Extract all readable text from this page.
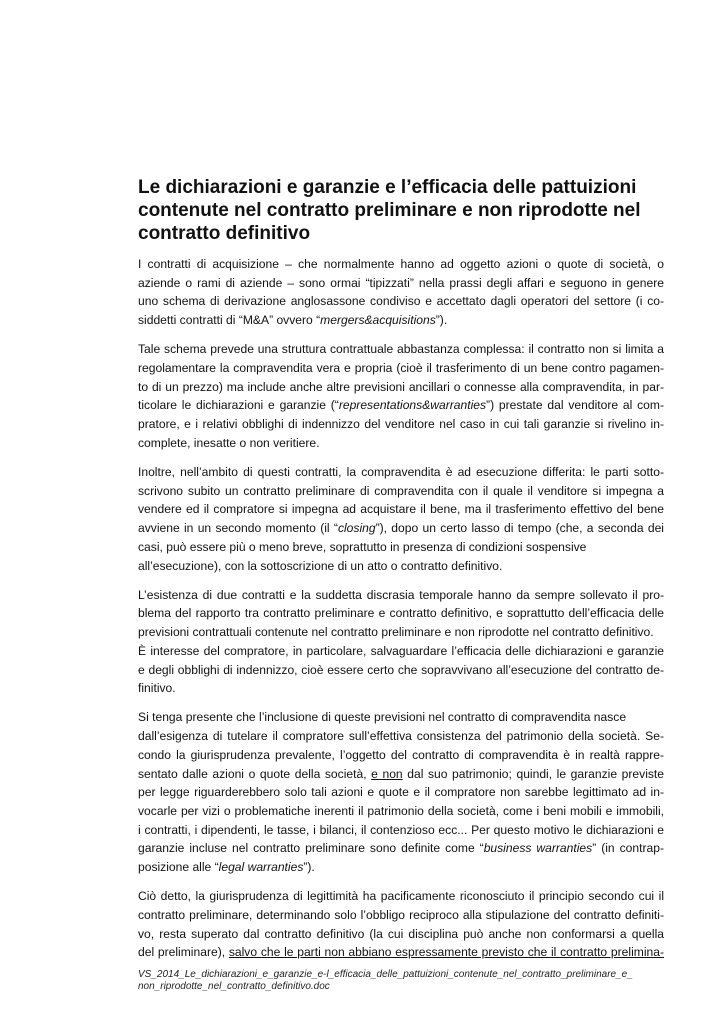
Le dichiarazioni e garanzie e l’efficacia delle pattuizioni
contenute nel contratto preliminare e non riprodotte nel
contratto definitivo
I contratti di acquisizione – che normalmente hanno ad oggetto azioni o quote di società, o
aziende o rami di aziende – sono ormai “tipizzati” nella prassi degli affari e seguono in genere
uno schema di derivazione anglosassone condiviso e accettato dagli operatori del settore (i co-
siddetti contratti di “M&A” ovvero “mergers&acquisitions”).
Tale schema prevede una struttura contrattuale abbastanza complessa: il contratto non si limita a
regolamentare la compravendita vera e propria (cioè il trasferimento di un bene contro pagamen-
to di un prezzo) ma include anche altre previsioni ancillari o connesse alla compravendita, in par-
ticolare le dichiarazioni e garanzie (“representations&warranties”) prestate dal venditore al com-
pratore, e i relativi obblighi di indennizzo del venditore nel caso in cui tali garanzie si rivelino in-
complete, inesatte o non veritiere.
Inoltre, nell’ambito di questi contratti, la compravendita è ad esecuzione differita: le parti sotto-
scrivono subito un contratto preliminare di compravendita con il quale il venditore si impegna a
vendere ed il compratore si impegna ad acquistare il bene, ma il trasferimento effettivo del bene
avviene in un secondo momento (il “closing”), dopo un certo lasso di tempo (che, a seconda dei
casi, può essere più o meno breve, soprattutto in presenza di condizioni sospensive
all’esecuzione), con la sottoscrizione di un atto o contratto definitivo.
L’esistenza di due contratti e la suddetta discrasia temporale hanno da sempre sollevato il pro-
blema del rapporto tra contratto preliminare e contratto definitivo, e soprattutto dell’efficacia delle
previsioni contrattuali contenute nel contratto preliminare e non riprodotte nel contratto definitivo.
È interesse del compratore, in particolare, salvaguardare l’efficacia delle dichiarazioni e garanzie
e degli obblighi di indennizzo, cioè essere certo che sopravvivano all’esecuzione del contratto de-
finitivo.
Si tenga presente che l’inclusione di queste previsioni nel contratto di compravendita nasce
dall’esigenza di tutelare il compratore sull’effettiva consistenza del patrimonio della società. Se-
condo la giurisprudenza prevalente, l’oggetto del contratto di compravendita è in realtà rappre-
sentato dalle azioni o quote della società, e non dal suo patrimonio; quindi, le garanzie previste
per legge riguarderebbero solo tali azioni e quote e il compratore non sarebbe legittimato ad in-
vocarle per vizi o problematiche inerenti il patrimonio della società, come i beni mobili e immobili,
i contratti, i dipendenti, le tasse, i bilanci, il contenzioso ecc... Per questo motivo le dichiarazioni e
garanzie incluse nel contratto preliminare sono definite come “business warranties” (in contrap-
posizione alle “legal warranties”).
Ciò detto, la giurisprudenza di legittimità ha pacificamente riconosciuto il principio secondo cui il
contratto preliminare, determinando solo l’obbligo reciproco alla stipulazione del contratto definiti-
vo, resta superato dal contratto definitivo (la cui disciplina può anche non conformarsi a quella
del preliminare), salvo che le parti non abbiano espressamente previsto che il contratto prelimina-
VS_2014_Le_dichiarazioni_e_garanzie_e-l_efficacia_delle_pattuizioni_contenute_nel_contratto_preliminare_e_
non_riprodotte_nel_contratto_definitivo.doc
